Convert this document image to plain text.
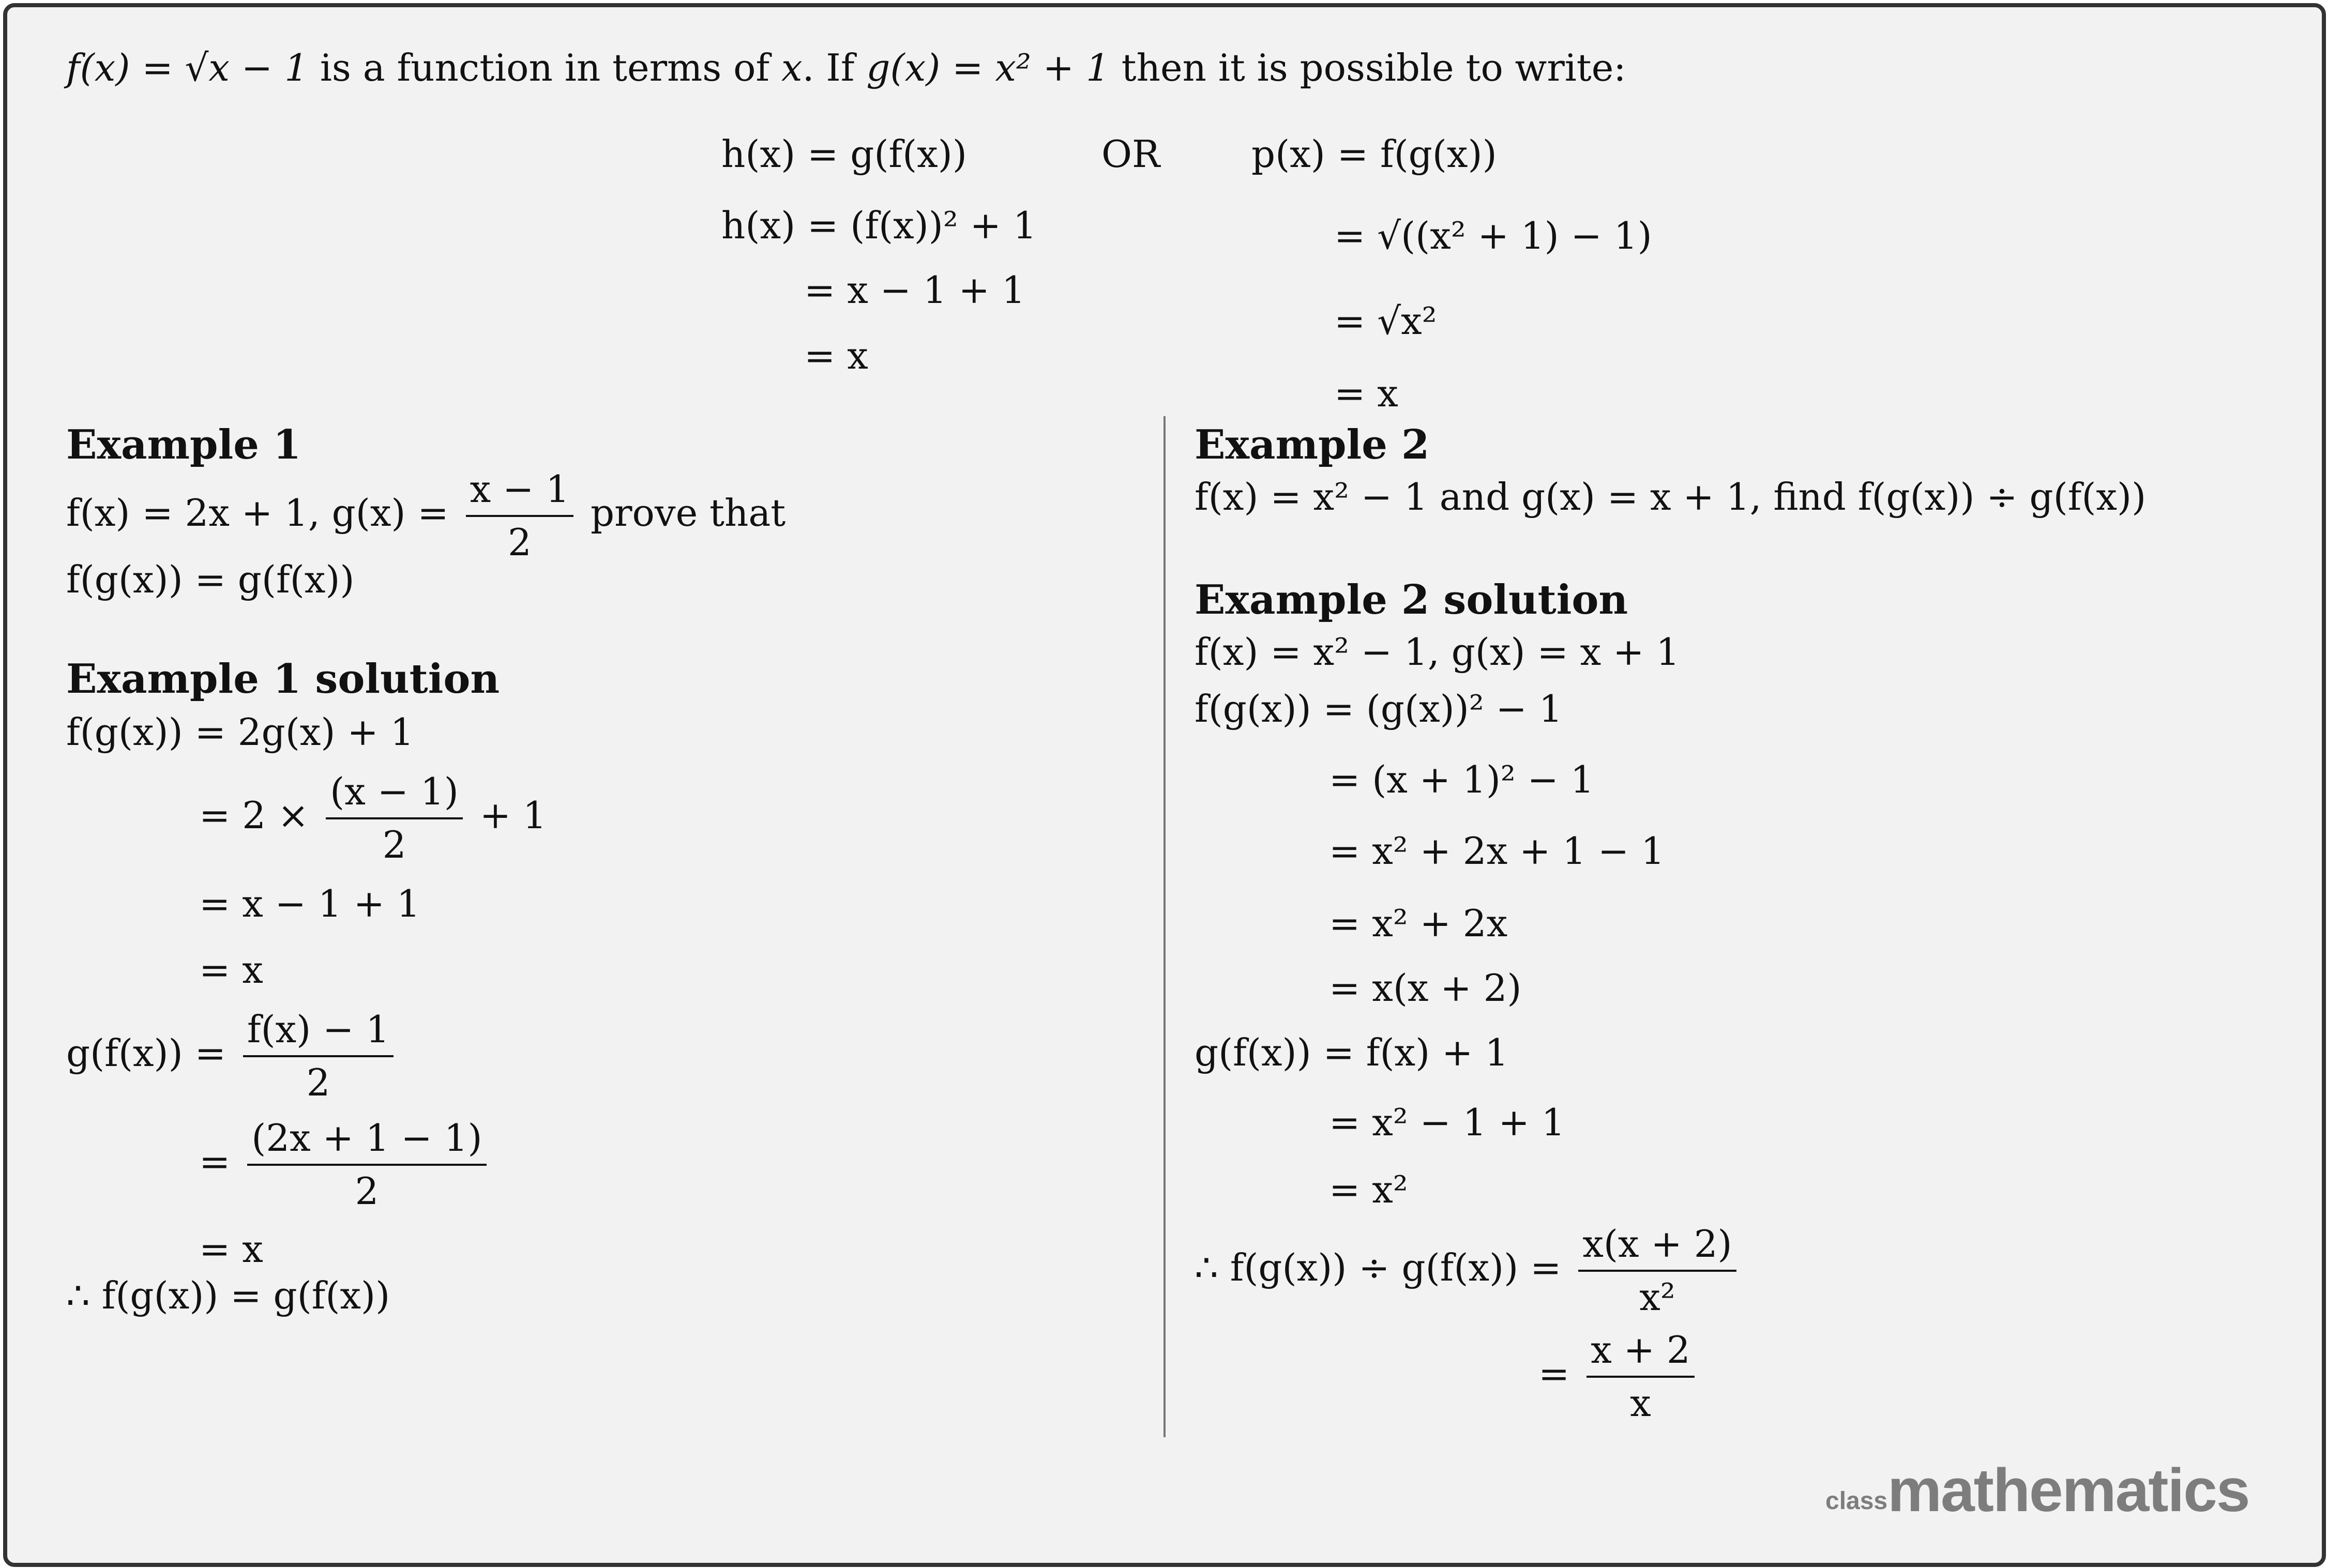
f(x) = √x − 1 is a function in terms of x. If g(x) = x² + 1 then it is possible to write:
h(x) = g(f(x))	OR p(x) = f(g(x))
h(x) = (f(x))² + 1	= √((x² + 1) − 1)
= x − 1 + 1
= √x²
= x
= x
Example 1
f(x) = 2x + 1, $g(x) = \frac{x - 1}{2}$ prove that
f(g(x)) = g(f(x))
Example 1 solution
f(g(x)) = 2g(x) + 1
= $2 \times \frac{(x - 1)}{2} + 1$
= x − 1 + 1
= x
$g(f(x)) = \frac{f(x) - 1}{2}$
= $\frac{(2x + 1 - 1)}{2}$
= x
∴ f(g(x)) = g(f(x))
Example 2
f(x) = x² − 1 and g(x) = x + 1, find f(g(x)) ÷ g(f(x))
Example 2 solution
f(x) = x² − 1, g(x) = x + 1
f(g(x)) = (g(x))² − 1
= (x + 1)² − 1
= x² + 2x + 1 − 1
= x² + 2x
= x(x + 2)
g(f(x)) = f(x) + 1
= x² − 1 + 1
= x²
∴ $f(g(x)) \div g(f(x)) = \frac{x(x + 2)}{\text{x²}}$
= $\frac{x + 2}{x}$
classmathematics
